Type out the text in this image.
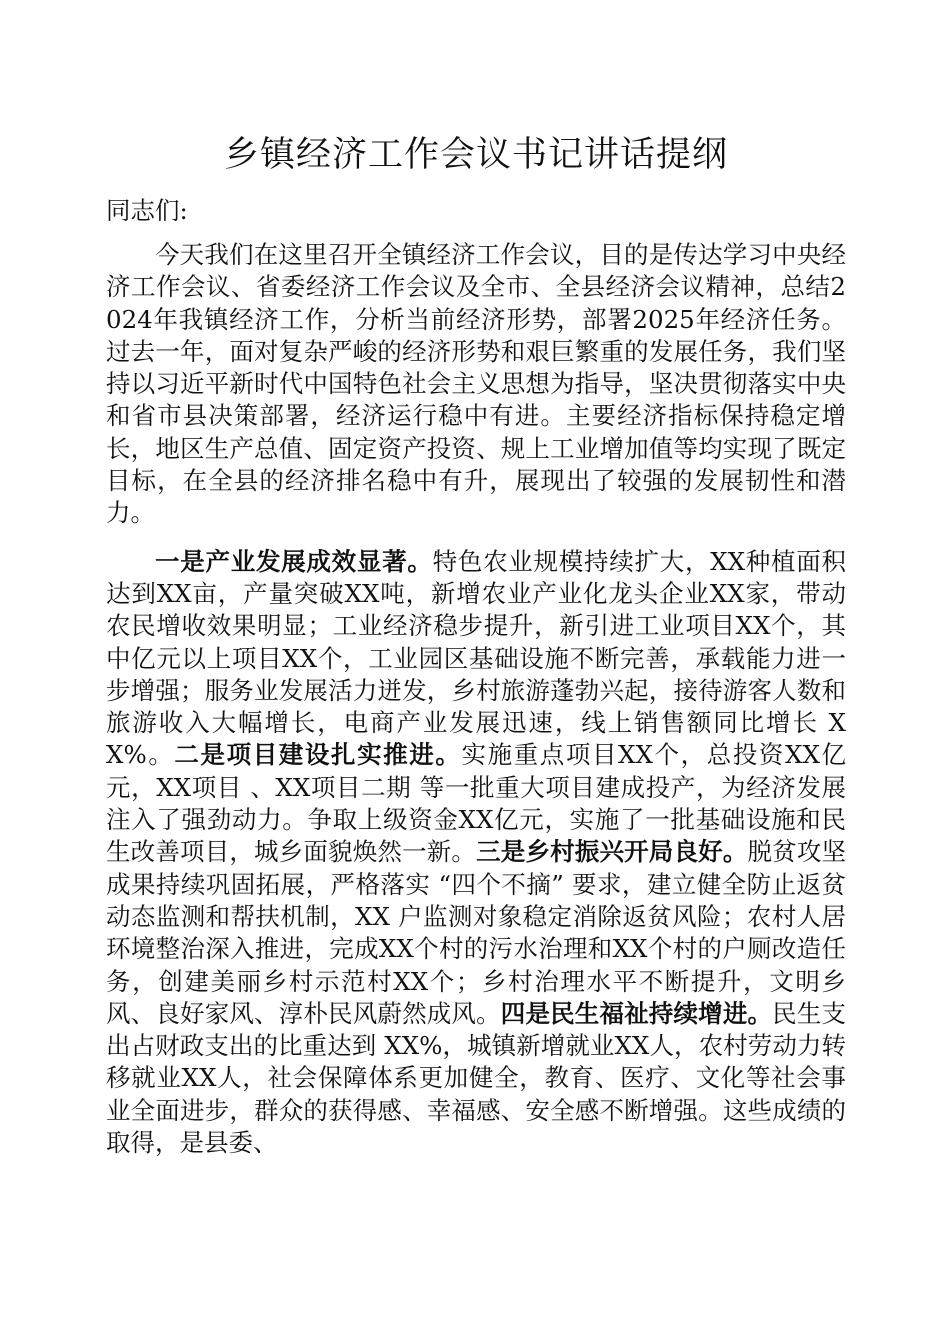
乡镇经济工作会议书记讲话提纲

同志们:

今天我们在这里召开全镇经济工作会议，目的是传达学习中央经济工作会议、省委经济工作会议及全市、全县经济会议精神，总结2024年我镇经济工作，分析当前经济形势，部署2025年经济任务。过去一年，面对复杂严峻的经济形势和艰巨繁重的发展任务，我们坚持以习近平新时代中国特色社会主义思想为指导，坚决贯彻落实中央和省市县决策部署，经济运行稳中有进。主要经济指标保持稳定增长，地区生产总值、固定资产投资、规上工业增加值等均实现了既定目标，在全县的经济排名稳中有升，展现出了较强的发展韧性和潜力。

一是产业发展成效显著。特色农业规模持续扩大，XX种植面积达到XX亩，产量突破XX吨，新增农业产业化龙头企业XX家，带动农民增收效果明显；工业经济稳步提升，新引进工业项目XX个，其中亿元以上项目XX个，工业园区基础设施不断完善，承载能力进一步增强；服务业发展活力迸发，乡村旅游蓬勃兴起，接待游客人数和旅游收入大幅增长，电商产业发展迅速，线上销售额同比增长 XX%。二是项目建设扎实推进。实施重点项目XX个，总投资XX亿元，XX项目 、XX项目二期 等一批重大项目建成投产，为经济发展注入了强劲动力。争取上级资金XX亿元，实施了一批基础设施和民生改善项目，城乡面貌焕然一新。三是乡村振兴开局良好。脱贫攻坚成果持续巩固拓展，严格落实 “四个不摘” 要求，建立健全防止返贫动态监测和帮扶机制，XX 户监测对象稳定消除返贫风险；农村人居环境整治深入推进，完成XX个村的污水治理和XX个村的户厕改造任务，创建美丽乡村示范村XX个；乡村治理水平不断提升，文明乡风、良好家风、淳朴民风蔚然成风。四是民生福祉持续增进。民生支出占财政支出的比重达到 XX%，城镇新增就业XX人，农村劳动力转移就业XX人，社会保障体系更加健全，教育、医疗、文化等社会事业全面进步，群众的获得感、幸福感、安全感不断增强。这些成绩的取得，是县委、
